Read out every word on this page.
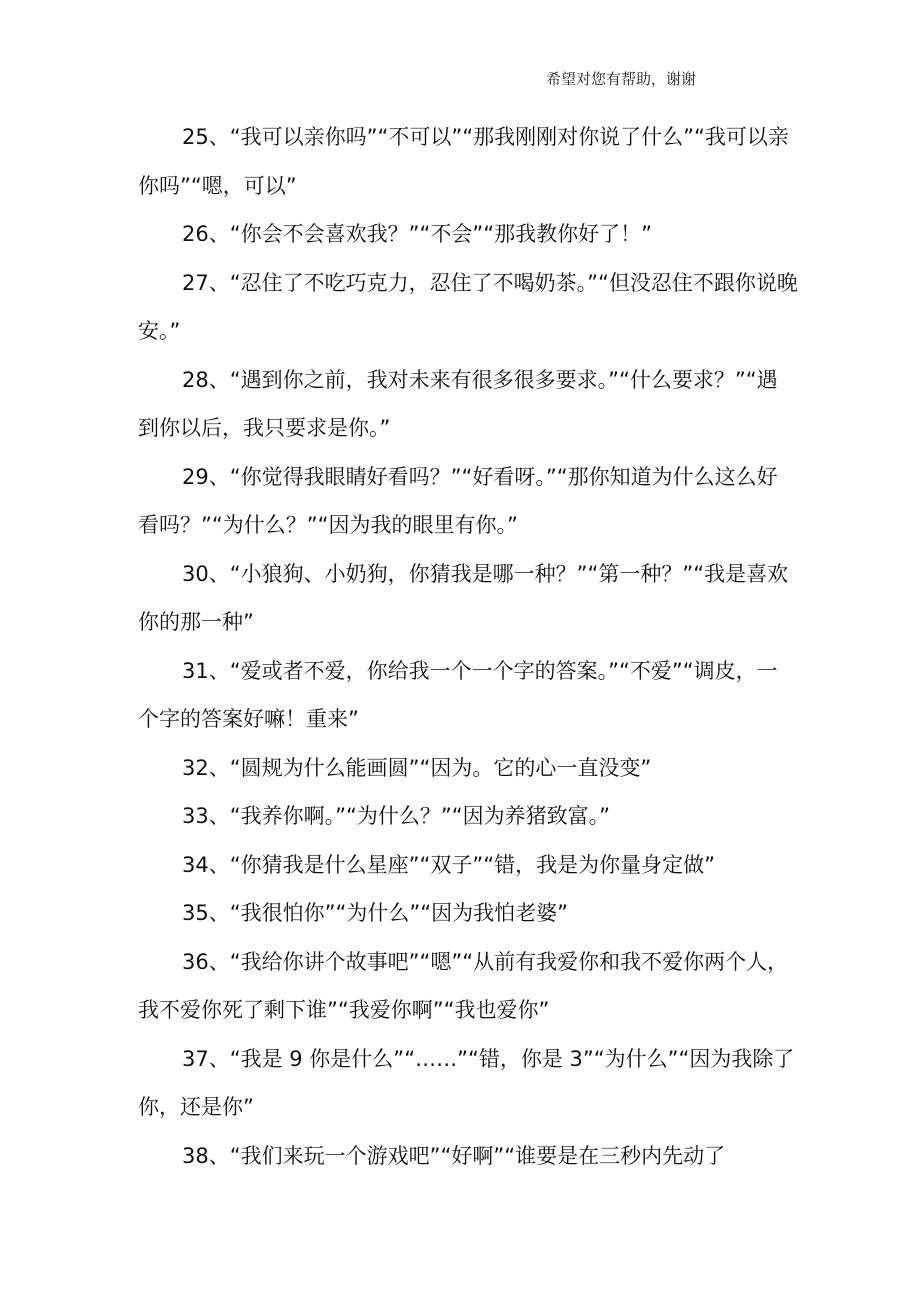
希望对您有帮助，谢谢

25、“我可以亲你吗”“不可以”“那我刚刚对你说了什么”“我可以亲你吗”“嗯，可以”

26、“你会不会喜欢我？”“不会”“那我教你好了！”

27、“忍住了不吃巧克力，忍住了不喝奶茶。”“但没忍住不跟你说晚安。”

28、“遇到你之前，我对未来有很多很多要求。”“什么要求？”“遇到你以后，我只要求是你。”

29、“你觉得我眼睛好看吗？”“好看呀。”“那你知道为什么这么好看吗？”“为什么？”“因为我的眼里有你。”

30、“小狼狗、小奶狗，你猜我是哪一种？”“第一种？”“我是喜欢你的那一种”

31、“爱或者不爱，你给我一个一个字的答案。”“不爱”“调皮，一个字的答案好嘛！重来”

32、“圆规为什么能画圆”“因为。它的心一直没变”

33、“我养你啊。”“为什么？”“因为养猪致富。”

34、“你猜我是什么星座”“双子”“错，我是为你量身定做”

35、“我很怕你”“为什么”“因为我怕老婆”

36、“我给你讲个故事吧”“嗯”“从前有我爱你和我不爱你两个人，我不爱你死了剩下谁”“我爱你啊”“我也爱你”

37、“我是 9 你是什么”“……”“错，你是 3”“为什么”“因为我除了你，还是你”

38、“我们来玩一个游戏吧”“好啊”“谁要是在三秒内先动了
